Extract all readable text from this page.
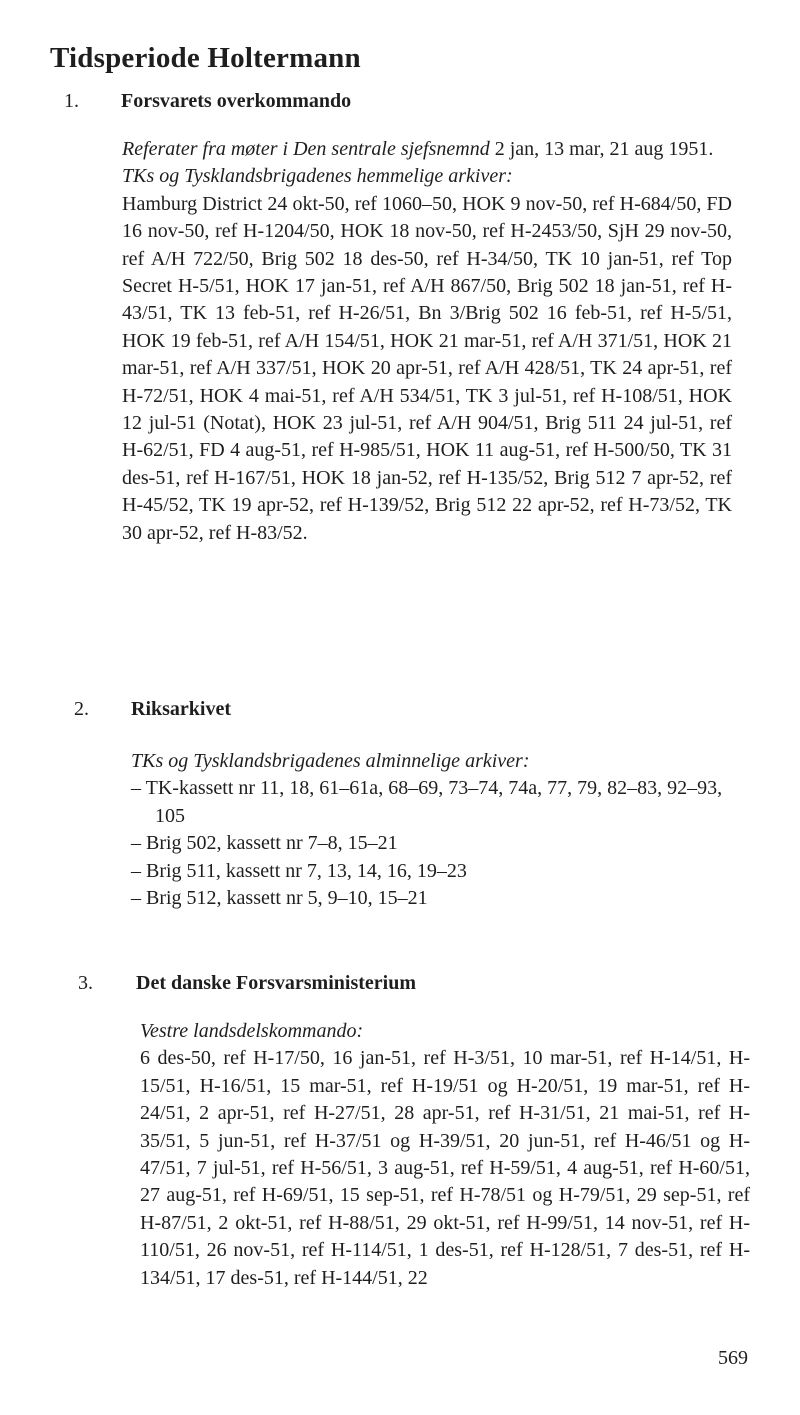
Tidsperiode Holtermann
1. Forsvarets overkommando

Referater fra møter i Den sentrale sjefsnemnd 2 jan, 13 mar, 21 aug 1951.

TKs og Tysklandsbrigadenes hemmelige arkiver:

Hamburg District 24 okt-50, ref 1060–50, HOK 9 nov-50, ref H-684/50, FD 16 nov-50, ref H-1204/50, HOK 18 nov-50, ref H-2453/50, SjH 29 nov-50, ref A/H 722/50, Brig 502 18 des-50, ref H-34/50, TK 10 jan-51, ref Top Secret H-5/51, HOK 17 jan-51, ref A/H 867/50, Brig 502 18 jan-51, ref H-43/51, TK 13 feb-51, ref H-26/51, Bn 3/Brig 502 16 feb-51, ref H-5/51, HOK 19 feb-51, ref A/H 154/51, HOK 21 mar-51, ref A/H 371/51, HOK 21 mar-51, ref A/H 337/51, HOK 20 apr-51, ref A/H 428/51, TK 24 apr-51, ref H-72/51, HOK 4 mai-51, ref A/H 534/51, TK 3 jul-51, ref H-108/51, HOK 12 jul-51 (Notat), HOK 23 jul-51, ref A/H 904/51, Brig 511 24 jul-51, ref H-62/51, FD 4 aug-51, ref H-985/51, HOK 11 aug-51, ref H-500/50, TK 31 des-51, ref H-167/51, HOK 18 jan-52, ref H-135/52, Brig 512 7 apr-52, ref H-45/52, TK 19 apr-52, ref H-139/52, Brig 512 22 apr-52, ref H-73/52, TK 30 apr-52, ref H-83/52.

2. Riksarkivet

TKs og Tysklandsbrigadenes alminnelige arkiver:

– TK-kassett nr 11, 18, 61–61a, 68–69, 73–74, 74a, 77, 79, 82–83, 92–93, 105
– Brig 502, kassett nr 7–8, 15–21
– Brig 511, kassett nr 7, 13, 14, 16, 19–23
– Brig 512, kassett nr 5, 9–10, 15–21
3. Det danske Forsvarsministerium

Vestre landsdelskommando:

6 des-50, ref H-17/50, 16 jan-51, ref H-3/51, 10 mar-51, ref H-14/51, H-15/51, H-16/51, 15 mar-51, ref H-19/51 og H-20/51, 19 mar-51, ref H-24/51, 2 apr-51, ref H-27/51, 28 apr-51, ref H-31/51, 21 mai-51, ref H-35/51, 5 jun-51, ref H-37/51 og H-39/51, 20 jun-51, ref H-46/51 og H-47/51, 7 jul-51, ref H-56/51, 3 aug-51, ref H-59/51, 4 aug-51, ref H-60/51, 27 aug-51, ref H-69/51, 15 sep-51, ref H-78/51 og H-79/51, 29 sep-51, ref H-87/51, 2 okt-51, ref H-88/51, 29 okt-51, ref H-99/51, 14 nov-51, ref H-110/51, 26 nov-51, ref H-114/51, 1 des-51, ref H-128/51, 7 des-51, ref H-134/51, 17 des-51, ref H-144/51, 22

569
